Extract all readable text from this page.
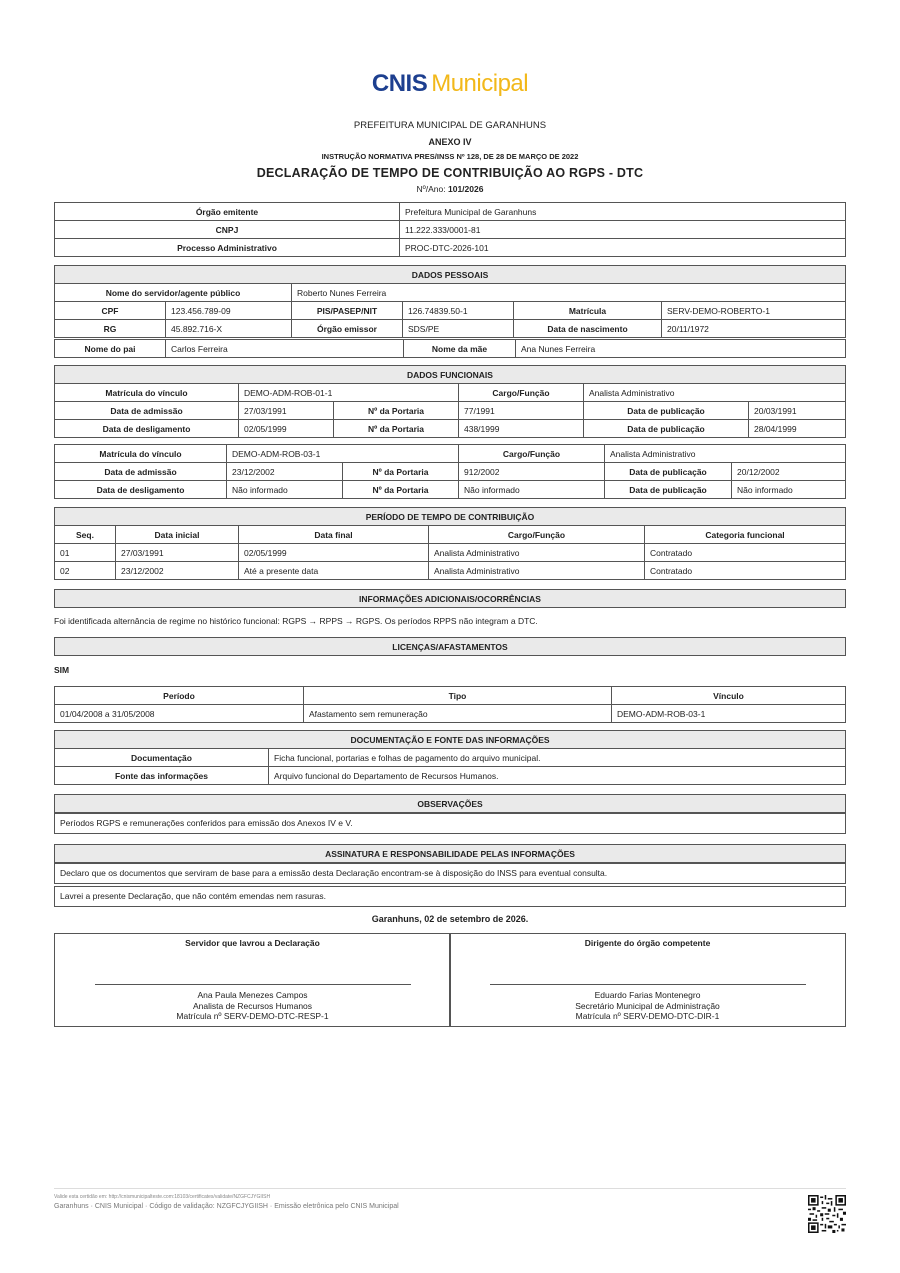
CNIS Municipal
PREFEITURA MUNICIPAL DE GARANHUNS
ANEXO IV
INSTRUÇÃO NORMATIVA PRES/INSS Nº 128, DE 28 DE MARÇO DE 2022
DECLARAÇÃO DE TEMPO DE CONTRIBUIÇÃO AO RGPS - DTC
Nº/Ano: 101/2026
Órgão emitente	Prefeitura Municipal de Garanhuns
CNPJ	11.222.333/0001-81
Processo Administrativo	PROC-DTC-2026-101
DADOS PESSOAIS					
Nome do servidor/agente público		Roberto Nunes Ferreira			
CPF	123.456.789-09	PIS/PASEP/NIT	126.74839.50-1	Matrícula	SERV-DEMO-ROBERTO-1
RG	45.892.716-X	Órgão emissor	SDS/PE	Data de nascimento	20/11/1972
Nome do pai	Carlos Ferreira	Nome da mãe	Ana Nunes Ferreira
DADOS FUNCIONAIS					
Matrícula do vínculo	DEMO-ADM-ROB-01-1		Cargo/Função	Analista Administrativo	
Data de admissão	27/03/1991	Nº da Portaria	77/1991	Data de publicação	20/03/1991
Data de desligamento	02/05/1999	Nº da Portaria	438/1999	Data de publicação	28/04/1999
Matrícula do vínculo	DEMO-ADM-ROB-03-1		Cargo/Função	Analista Administrativo	
Data de admissão	23/12/2002	Nº da Portaria	912/2002	Data de publicação	20/12/2002
Data de desligamento	Não informado	Nº da Portaria	Não informado	Data de publicação	Não informado
PERÍODO DE TEMPO DE CONTRIBUIÇÃO				
Seq.	Data inicial	Data final	Cargo/Função	Categoria funcional
01	27/03/1991	02/05/1999	Analista Administrativo	Contratado
02	23/12/2002	Até a presente data	Analista Administrativo	Contratado
INFORMAÇÕES ADICIONAIS/OCORRÊNCIAS
Foi identificada alternância de regime no histórico funcional: RGPS → RPPS → RGPS. Os períodos RPPS não integram a DTC.
LICENÇAS/AFASTAMENTOS
SIM
Período	Tipo	Vínculo
01/04/2008 a 31/05/2008	Afastamento sem remuneração	DEMO-ADM-ROB-03-1
DOCUMENTAÇÃO E FONTE DAS INFORMAÇÕES	
Documentação	Ficha funcional, portarias e folhas de pagamento do arquivo municipal.
Fonte das informações	Arquivo funcional do Departamento de Recursos Humanos.
OBSERVAÇÕES
Períodos RGPS e remunerações conferidos para emissão dos Anexos IV e V.
ASSINATURA E RESPONSABILIDADE PELAS INFORMAÇÕES
Declaro que os documentos que serviram de base para a emissão desta Declaração encontram-se à disposição do INSS para eventual consulta.
Lavrei a presente Declaração, que não contém emendas nem rasuras.
Garanhuns, 02 de setembro de 2026.
Servidor que lavrou a Declaração
Ana Paula Menezes Campos
Analista de Recursos Humanos
Matrícula nº SERV-DEMO-DTC-RESP-1
Dirigente do órgão competente
Eduardo Farias Montenegro
Secretário Municipal de Administração
Matrícula nº SERV-DEMO-DTC-DIR-1
Valide esta certidão em: http://cnismunicipalteste.com:18103/certificates/validate/NZGFCJYGIISH
Garanhuns · CNIS Municipal · Código de validação: NZGFCJYGIISH · Emissão eletrônica pelo CNIS Municipal
